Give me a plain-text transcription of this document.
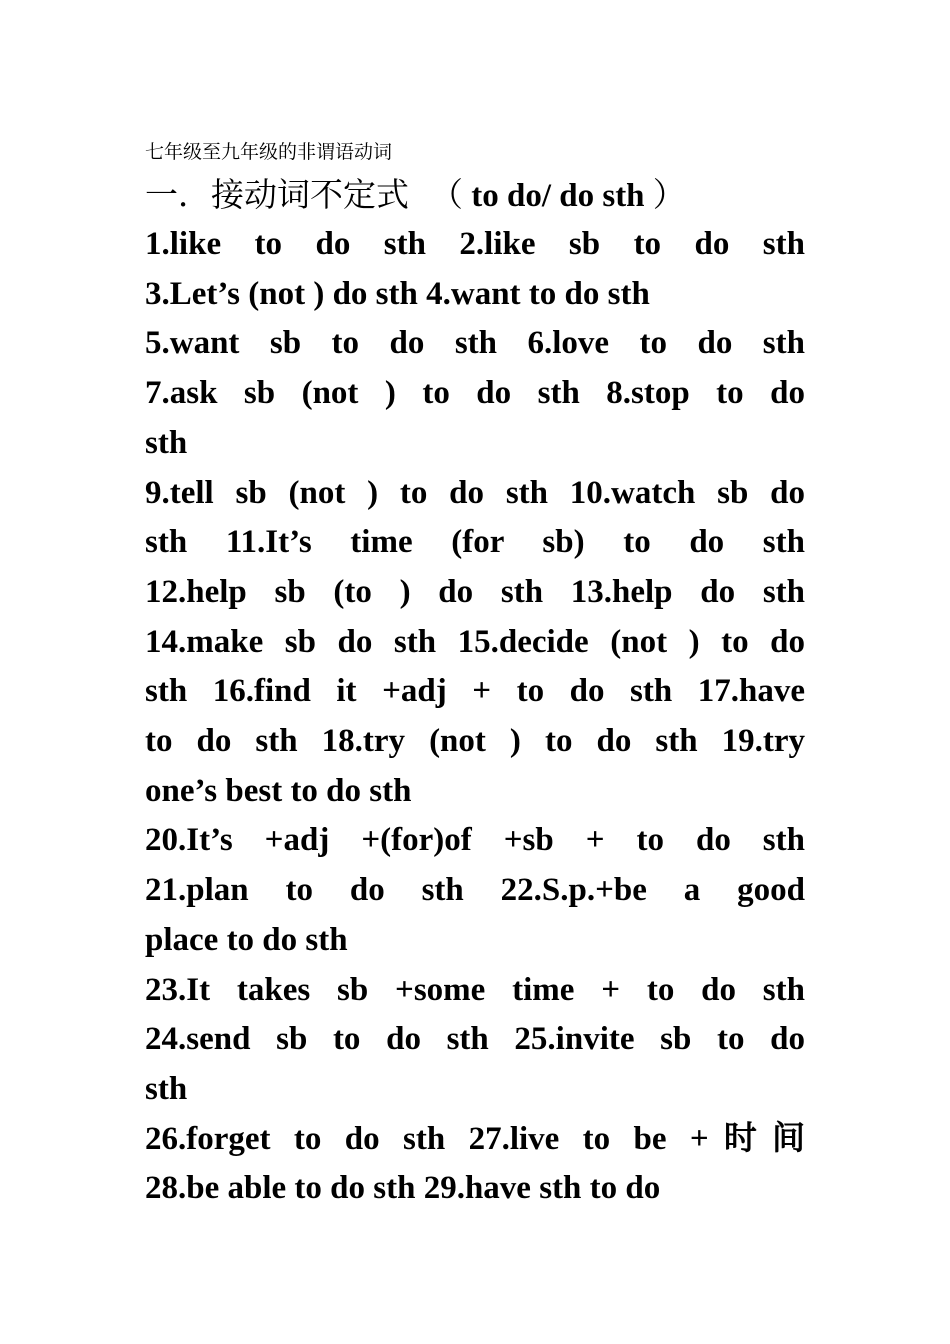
七年级至九年级的非谓语动词
一．接动词不定式 （ to do/ do sth ）
1.like to do sth 2.like sb to do sth
3.Let’s (not ) do sth 4.want to do sth
5.want sb to do sth 6.love to do sth
7.ask sb (not ) to do sth 8.stop to do
sth
9.tell sb (not ) to do sth 10.watch sb do
sth 11.It’s time (for sb) to do sth
12.help sb (to ) do sth 13.help do sth
14.make sb do sth 15.decide (not ) to do
sth 16.find it +adj + to do sth 17.have
to do sth 18.try (not ) to do sth 19.try
one’s best to do sth
20.It’s +adj +(for)of +sb + to do sth
21.plan to do sth 22.S.p.+be a good
place to do sth
23.It takes sb +some time + to do sth
24.send sb to do sth 25.invite sb to do
sth
26.forget to do sth 27.live to be +时间
28.be able to do sth 29.have sth to do
